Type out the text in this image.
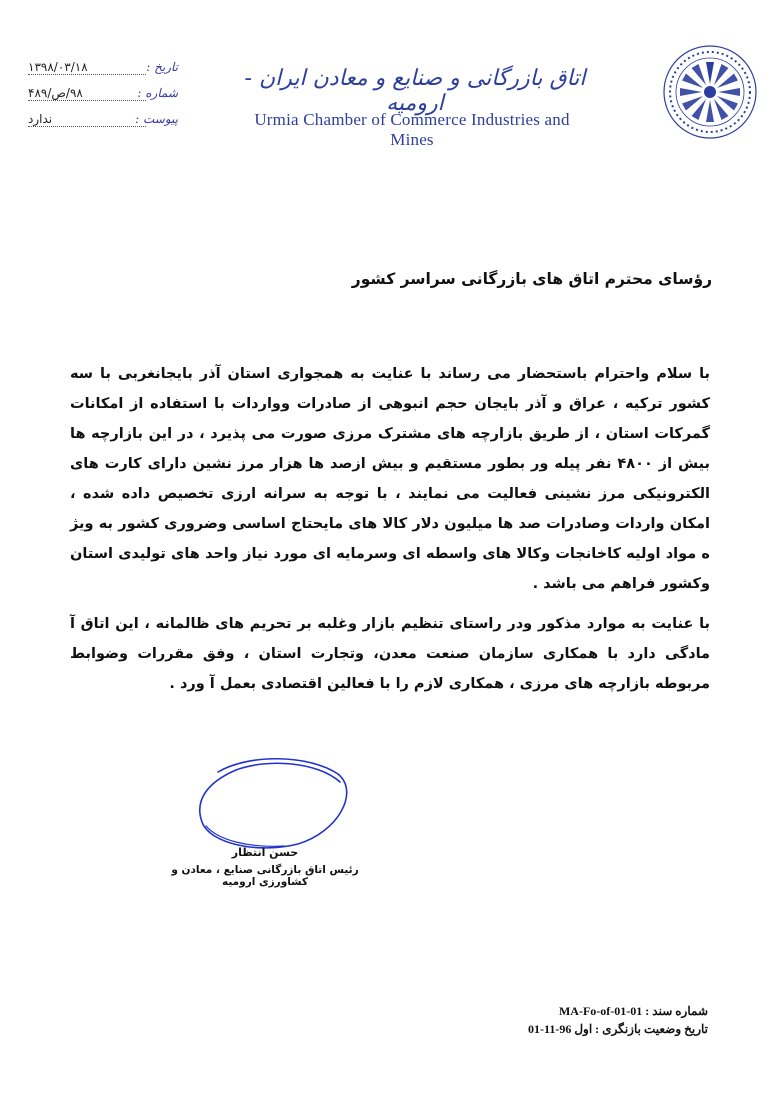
۱۳۹۸/۰۳/۱۸	تاریخ :
۹۸/ص/۴۸۹	شماره :
ندارد	پیوست :
اتاق بازرگانی و صنایع و معادن ایران - ارومیه
Urmia Chamber of Commerce Industries and Mines
رؤسای محترم اتاق های بازرگانی سراسر کشور
با سلام واحترام باستحضار می رساند با عنایت به همجواری استان آذر بایجانغربی با سه کشور ترکیه ، عراق و آذر بایجان حجم انبوهی از صادرات وواردات با استفاده از امکانات گمرکات استان ، از طریق بازارچه های مشترک مرزی صورت می پذیرد ، در این بازارچه ها بیش از ۴۸۰۰ نفر پیله ور بطور مستقیم و بیش ازصد ها هزار مرز نشین دارای کارت های الکترونیکی مرز نشینی فعالیت می نمایند ، با توجه به سرانه ارزی تخصیص داده شده ، امکان واردات وصادرات صد ها میلیون دلار کالا های مایحتاج اساسی وضروری کشور به ویژ ه مواد اولیه کاخانجات وکالا های واسطه ای وسرمایه ای مورد نیاز واحد های تولیدی استان وکشور فراهم می باشد .
با عنایت به موارد مذکور ودر راستای تنظیم بازار وغلبه بر تحریم های ظالمانه ، این اتاق آ مادگی دارد با همکاری سازمان صنعت معدن، وتجارت استان ، وفق مقررات وضوابط مربوطه بازارچه های مرزی ، همکاری لازم را با فعالین اقتصادی بعمل آ ورد .
حسن انتظار
رئیس اتاق بازرگانی صنایع ، معادن و کشاورزی ارومیه
شماره سند : MA-Fo-of-01-01
تاریخ وضعیت بازنگری : اول 96-11-01
